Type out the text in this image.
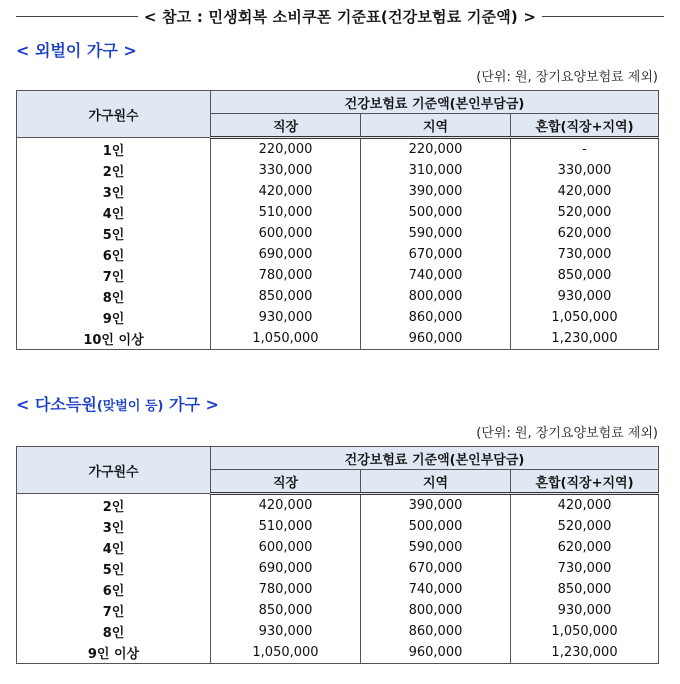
< 참고 : 민생회복 소비쿠폰 기준표(건강보험료 기준액) >
< 외벌이 가구 >
(단위: 원, 장기요양보험료 제외)
가구원수	건강보험료 기준액(본인부담금)		
	직장	지역	혼합(직장+지역)
1인	220,000	220,000	-
2인	330,000	310,000	330,000
3인	420,000	390,000	420,000
4인	510,000	500,000	520,000
5인	600,000	590,000	620,000
6인	690,000	670,000	730,000
7인	780,000	740,000	850,000
8인	850,000	800,000	930,000
9인	930,000	860,000	1,050,000
10인 이상	1,050,000	960,000	1,230,000
< 다소득원(맞벌이 등) 가구 >
(단위: 원, 장기요양보험료 제외)
가구원수	건강보험료 기준액(본인부담금)		
	직장	지역	혼합(직장+지역)
2인	420,000	390,000	420,000
3인	510,000	500,000	520,000
4인	600,000	590,000	620,000
5인	690,000	670,000	730,000
6인	780,000	740,000	850,000
7인	850,000	800,000	930,000
8인	930,000	860,000	1,050,000
9인 이상	1,050,000	960,000	1,230,000
